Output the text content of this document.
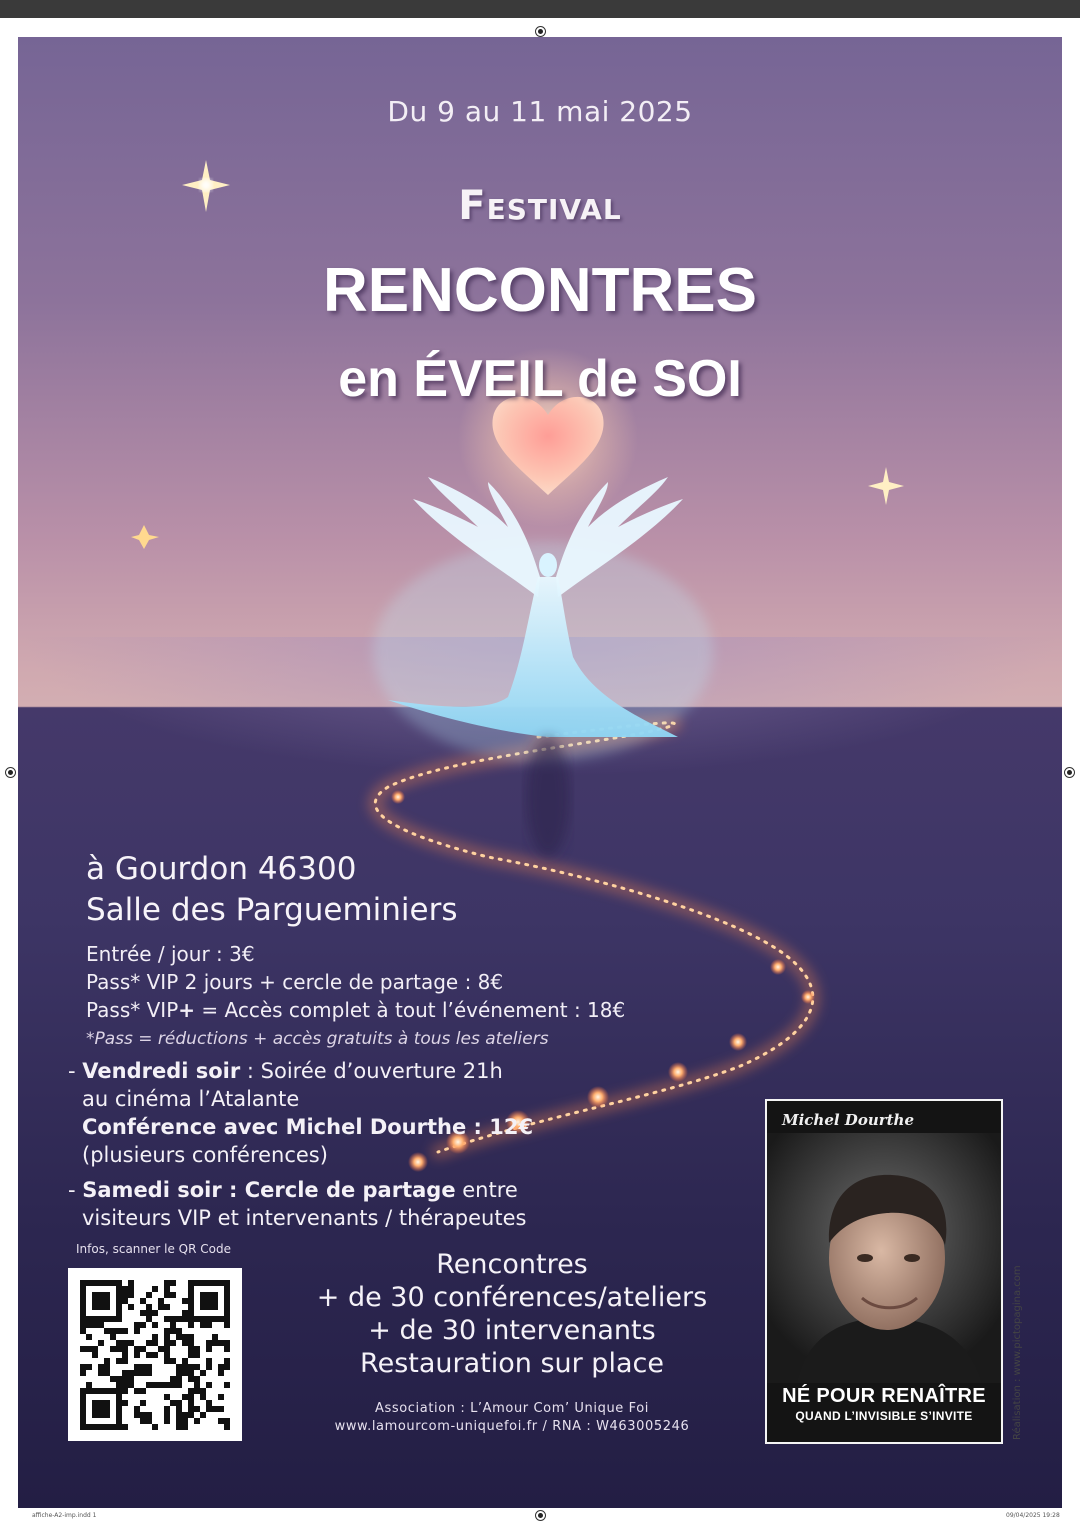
Du 9 au 11 mai 2025
Festival
RENCONTRES
en ÉVEIL de SOI
à Gourdon 46300
Salle des Pargueminiers
Entrée / jour : 3€
Pass* VIP 2 jours + cercle de partage : 8€
Pass* VIP+ = Accès complet à tout l’événement : 18€
*Pass = réductions + accès gratuits à tous les ateliers
- Vendredi soir : Soirée d’ouverture 21h
au cinéma l’Atalante
Conférence avec Michel Dourthe : 12€
(plusieurs conférences)
- Samedi soir : Cercle de partage entre
visiteurs VIP et intervenants / thérapeutes
Infos, scanner le QR Code	Rencontres
+ de 30 conférences/ateliers
+ de 30 intervenants
Restauration sur place
Association : L’Amour Com’ Unique Foi
www.lamourcom-uniquefoi.fr / RNA : W463005246
Michel Dourthe
NÉ POUR RENAÎTRE
QUAND L’INVISIBLE S’INVITE	Réalisation : www.pictopagina.com
affiche-A2-imp.indd 1	09/04/2025 19:28
